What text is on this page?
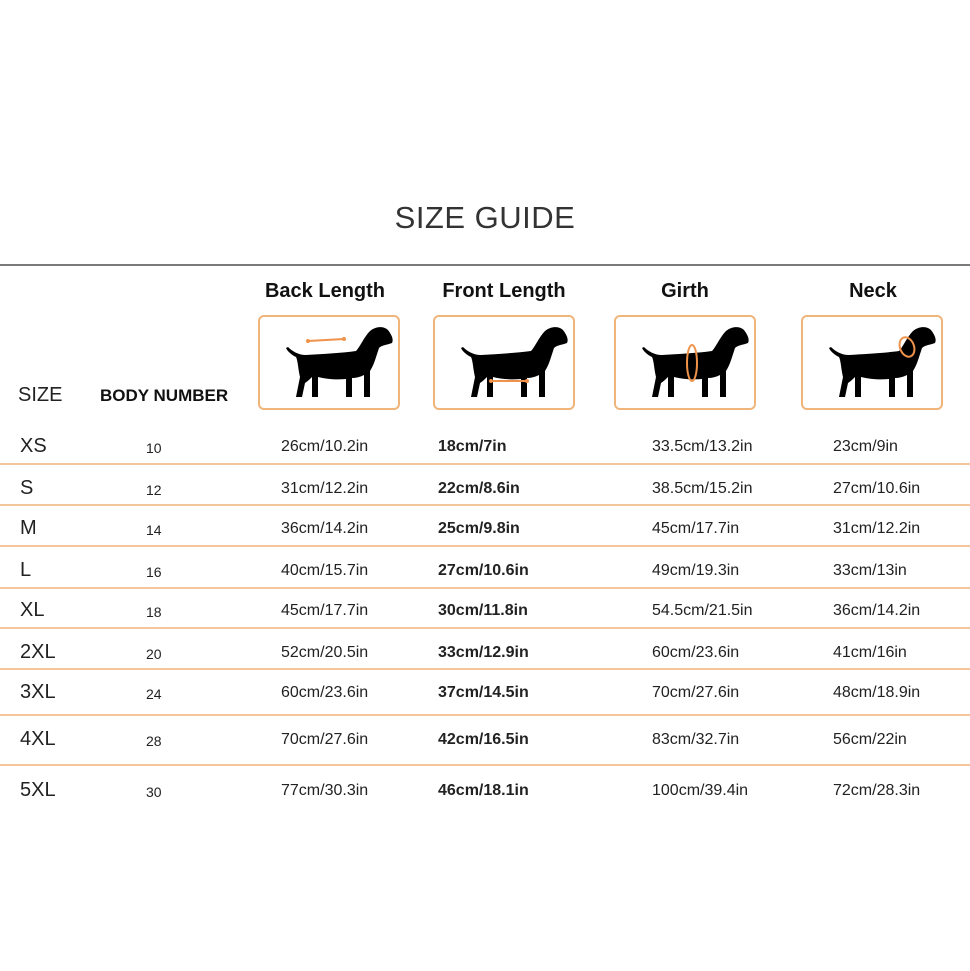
SIZE GUIDE
Back Length	Front Length	Girth	Neck
SIZE BODY NUMBER
XS	10	26cm/10.2in	18cm/7in	33.5cm/13.2in	23cm/9in
S	12	31cm/12.2in	22cm/8.6in	38.5cm/15.2in	27cm/10.6in
M	14	36cm/14.2in	25cm/9.8in	45cm/17.7in	31cm/12.2in
L	16	40cm/15.7in	27cm/10.6in	49cm/19.3in	33cm/13in
XL	18	45cm/17.7in	30cm/11.8in	54.5cm/21.5in	36cm/14.2in
2XL	20	52cm/20.5in	33cm/12.9in	60cm/23.6in	41cm/16in
3XL	24	60cm/23.6in	37cm/14.5in	70cm/27.6in	48cm/18.9in
4XL	28	70cm/27.6in	42cm/16.5in	83cm/32.7in	56cm/22in
5XL	30	77cm/30.3in	46cm/18.1in	100cm/39.4in	72cm/28.3in
